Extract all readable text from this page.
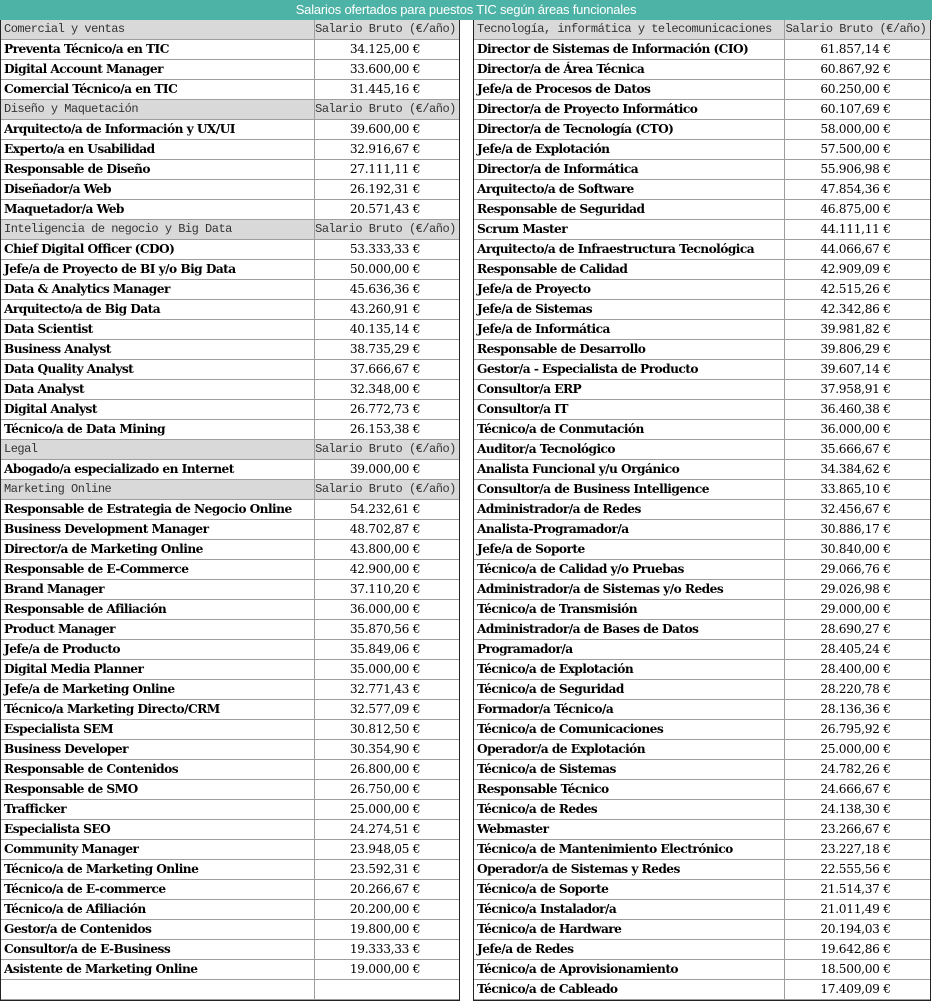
Salarios ofertados para puestos TIC según áreas funcionales
Comercial y ventas	Salario Bruto (€/año)
Preventa Técnico/a en TIC	34.125,00 €
Digital Account Manager	33.600,00 €
Comercial Técnico/a en TIC	31.445,16 €
Diseño y Maquetación	Salario Bruto (€/año)
Arquitecto/a de Información y UX/UI	39.600,00 €
Experto/a en Usabilidad	32.916,67 €
Responsable de Diseño	27.111,11 €
Diseñador/a Web	26.192,31 €
Maquetador/a Web	20.571,43 €
Inteligencia de negocio y Big Data	Salario Bruto (€/año)
Chief Digital Officer (CDO)	53.333,33 €
Jefe/a de Proyecto de BI y/o Big Data	50.000,00 €
Data & Analytics Manager	45.636,36 €
Arquitecto/a de Big Data	43.260,91 €
Data Scientist	40.135,14 €
Business Analyst	38.735,29 €
Data Quality Analyst	37.666,67 €
Data Analyst	32.348,00 €
Digital Analyst	26.772,73 €
Técnico/a de Data Mining	26.153,38 €
Legal	Salario Bruto (€/año)
Abogado/a especializado en Internet	39.000,00 €
Marketing Online	Salario Bruto (€/año)
Responsable de Estrategia de Negocio Online	54.232,61 €
Business Development Manager	48.702,87 €
Director/a de Marketing Online	43.800,00 €
Responsable de E-Commerce	42.900,00 €
Brand Manager	37.110,20 €
Responsable de Afiliación	36.000,00 €
Product Manager	35.870,56 €
Jefe/a de Producto	35.849,06 €
Digital Media Planner	35.000,00 €
Jefe/a de Marketing Online	32.771,43 €
Técnico/a Marketing Directo/CRM	32.577,09 €
Especialista SEM	30.812,50 €
Business Developer	30.354,90 €
Responsable de Contenidos	26.800,00 €
Responsable de SMO	26.750,00 €
Trafficker	25.000,00 €
Especialista SEO	24.274,51 €
Community Manager	23.948,05 €
Técnico/a de Marketing Online	23.592,31 €
Técnico/a de E-commerce	20.266,67 €
Técnico/a de Afiliación	20.200,00 €
Gestor/a de Contenidos	19.800,00 €
Consultor/a de E-Business	19.333,33 €
Asistente de Marketing Online	19.000,00 €
Tecnología, informática y telecomunicaciones	Salario Bruto (€/año)
Director de Sistemas de Información (CIO)	61.857,14 €
Director/a de Área Técnica	60.867,92 €
Jefe/a de Procesos de Datos	60.250,00 €
Director/a de Proyecto Informático	60.107,69 €
Director/a de Tecnología (CTO)	58.000,00 €
Jefe/a de Explotación	57.500,00 €
Director/a de Informática	55.906,98 €
Arquitecto/a de Software	47.854,36 €
Responsable de Seguridad	46.875,00 €
Scrum Master	44.111,11 €
Arquitecto/a de Infraestructura Tecnológica	44.066,67 €
Responsable de Calidad	42.909,09 €
Jefe/a de Proyecto	42.515,26 €
Jefe/a de Sistemas	42.342,86 €
Jefe/a de Informática	39.981,82 €
Responsable de Desarrollo	39.806,29 €
Gestor/a - Especialista de Producto	39.607,14 €
Consultor/a ERP	37.958,91 €
Consultor/a IT	36.460,38 €
Técnico/a de Conmutación	36.000,00 €
Auditor/a Tecnológico	35.666,67 €
Analista Funcional y/u Orgánico	34.384,62 €
Consultor/a de Business Intelligence	33.865,10 €
Administrador/a de Redes	32.456,67 €
Analista-Programador/a	30.886,17 €
Jefe/a de Soporte	30.840,00 €
Técnico/a de Calidad y/o Pruebas	29.066,76 €
Administrador/a de Sistemas y/o Redes	29.026,98 €
Técnico/a de Transmisión	29.000,00 €
Administrador/a de Bases de Datos	28.690,27 €
Programador/a	28.405,24 €
Técnico/a de Explotación	28.400,00 €
Técnico/a de Seguridad	28.220,78 €
Formador/a Técnico/a	28.136,36 €
Técnico/a de Comunicaciones	26.795,92 €
Operador/a de Explotación	25.000,00 €
Técnico/a de Sistemas	24.782,26 €
Responsable Técnico	24.666,67 €
Técnico/a de Redes	24.138,30 €
Webmaster	23.266,67 €
Técnico/a de Mantenimiento Electrónico	23.227,18 €
Operador/a de Sistemas y Redes	22.555,56 €
Técnico/a de Soporte	21.514,37 €
Técnico/a Instalador/a	21.011,49 €
Técnico/a de Hardware	20.194,03 €
Jefe/a de Redes	19.642,86 €
Técnico/a de Aprovisionamiento	18.500,00 €
Técnico/a de Cableado	17.409,09 €
